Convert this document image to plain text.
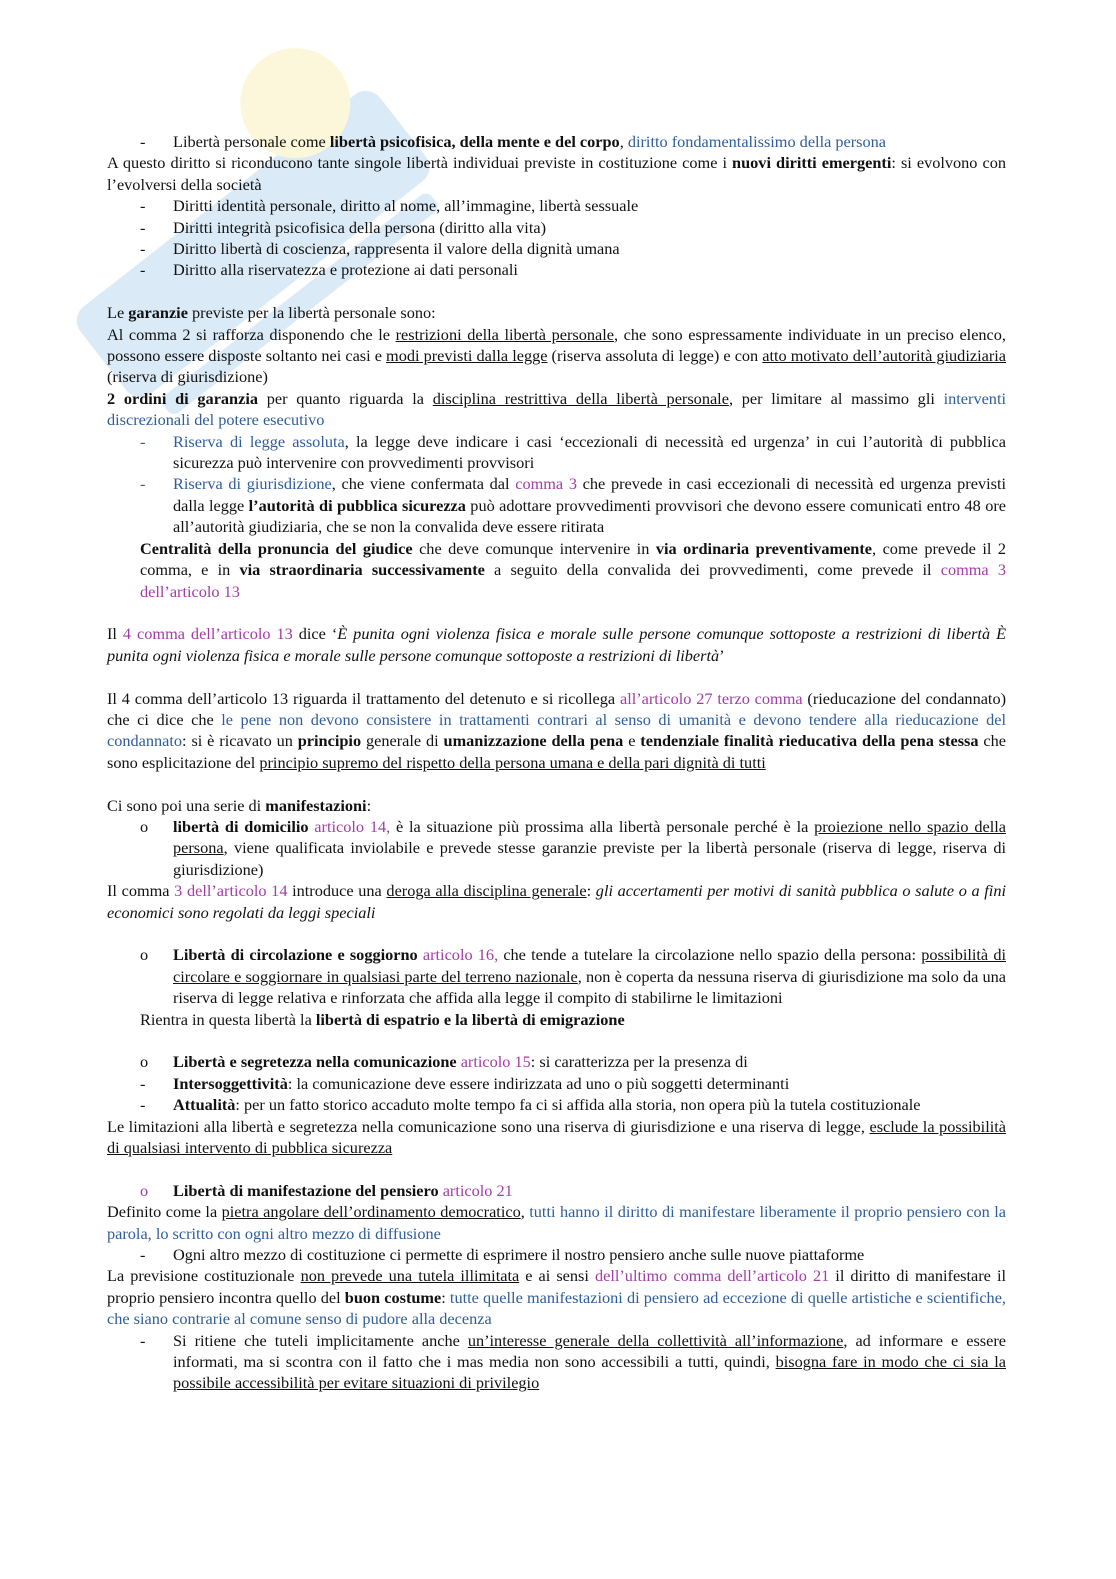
- Libertà personale come libertà psicofisica, della mente e del corpo, diritto fondamentalissimo della persona
A questo diritto si riconducono tante singole libertà individuai previste in costituzione come i nuovi diritti emergenti: si evolvono con l’evolversi della società
- Diritti identità personale, diritto al nome, all’immagine, libertà sessuale
- Diritti integrità psicofisica della persona (diritto alla vita)
- Diritto libertà di coscienza, rappresenta il valore della dignità umana
- Diritto alla riservatezza e protezione ai dati personali
Le garanzie previste per la libertà personale sono:
Al comma 2 si rafforza disponendo che le restrizioni della libertà personale, che sono espressamente individuate in un preciso elenco, possono essere disposte soltanto nei casi e modi previsti dalla legge (riserva assoluta di legge) e con atto motivato dell’autorità giudiziaria (riserva di giurisdizione)
2 ordini di garanzia per quanto riguarda la disciplina restrittiva della libertà personale, per limitare al massimo gli interventi discrezionali del potere esecutivo
- Riserva di legge assoluta, la legge deve indicare i casi ‘eccezionali di necessità ed urgenza’ in cui l’autorità di pubblica sicurezza può intervenire con provvedimenti provvisori
- Riserva di giurisdizione, che viene confermata dal comma 3 che prevede in casi eccezionali di necessità ed urgenza previsti dalla legge l’autorità di pubblica sicurezza può adottare provvedimenti provvisori che devono essere comunicati entro 48 ore all’autorità giudiziaria, che se non la convalida deve essere ritirata
Centralità della pronuncia del giudice che deve comunque intervenire in via ordinaria preventivamente, come prevede il 2 comma, e in via straordinaria successivamente a seguito della convalida dei provvedimenti, come prevede il comma 3 dell’articolo 13
Il 4 comma dell’articolo 13 dice ‘È punita ogni violenza fisica e morale sulle persone comunque sottoposte a restrizioni di libertà È punita ogni violenza fisica e morale sulle persone comunque sottoposte a restrizioni di libertà’
Il 4 comma dell’articolo 13 riguarda il trattamento del detenuto e si ricollega all’articolo 27 terzo comma (rieducazione del condannato) che ci dice che le pene non devono consistere in trattamenti contrari al senso di umanità e devono tendere alla rieducazione del condannato: si è ricavato un principio generale di umanizzazione della pena e tendenziale finalità rieducativa della pena stessa che sono esplicitazione del principio supremo del rispetto della persona umana e della pari dignità di tutti
Ci sono poi una serie di manifestazioni:
o libertà di domicilio articolo 14, è la situazione più prossima alla libertà personale perché è la proiezione nello spazio della persona, viene qualificata inviolabile e prevede stesse garanzie previste per la libertà personale (riserva di legge, riserva di giurisdizione)
Il comma 3 dell’articolo 14 introduce una deroga alla disciplina generale: gli accertamenti per motivi di sanità pubblica o salute o a fini economici sono regolati da leggi speciali
o Libertà di circolazione e soggiorno articolo 16, che tende a tutelare la circolazione nello spazio della persona: possibilità di circolare e soggiornare in qualsiasi parte del terreno nazionale, non è coperta da nessuna riserva di giurisdizione ma solo da una riserva di legge relativa e rinforzata che affida alla legge il compito di stabilirne le limitazioni
Rientra in questa libertà la libertà di espatrio e la libertà di emigrazione
o Libertà e segretezza nella comunicazione articolo 15: si caratterizza per la presenza di
- Intersoggettività: la comunicazione deve essere indirizzata ad uno o più soggetti determinanti
- Attualità: per un fatto storico accaduto molte tempo fa ci si affida alla storia, non opera più la tutela costituzionale
Le limitazioni alla libertà e segretezza nella comunicazione sono una riserva di giurisdizione e una riserva di legge, esclude la possibilità di qualsiasi intervento di pubblica sicurezza
o Libertà di manifestazione del pensiero articolo 21
Definito come la pietra angolare dell’ordinamento democratico, tutti hanno il diritto di manifestare liberamente il proprio pensiero con la parola, lo scritto con ogni altro mezzo di diffusione
- Ogni altro mezzo di costituzione ci permette di esprimere il nostro pensiero anche sulle nuove piattaforme
La previsione costituzionale non prevede una tutela illimitata e ai sensi dell’ultimo comma dell’articolo 21 il diritto di manifestare il proprio pensiero incontra quello del buon costume: tutte quelle manifestazioni di pensiero ad eccezione di quelle artistiche e scientifiche, che siano contrarie al comune senso di pudore alla decenza
- Si ritiene che tuteli implicitamente anche un’interesse generale della collettività all’informazione, ad informare e essere informati, ma si scontra con il fatto che i mas media non sono accessibili a tutti, quindi, bisogna fare in modo che ci sia la possibile accessibilità per evitare situazioni di privilegio
